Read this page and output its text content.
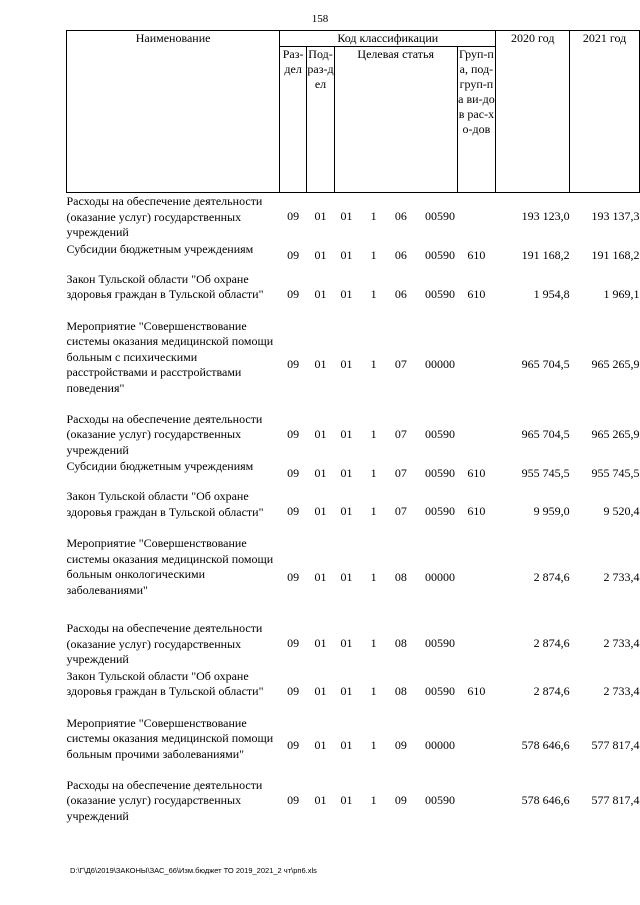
158
Наименование	Код классификации				2020 год	2021 год
	Раз-дел	Под-раз-дел	Целевая статья	Груп-па, под-груп-па ви-дов рас-хо-дов		
Расходы на обеспечение деятельности (оказание услуг) государственных учреждений	09	01	01 1 06 00590		193 123,0	193 137,3
Субсидии бюджетным учреждениям	09	01	01 1 06 00590	610	191 168,2	191 168,2
Закон Тульской области "Об охране здоровья граждан в Тульской области"	09	01	01 1 06 00590	610	1 954,8	1 969,1
Мероприятие "Совершенствование системы оказания медицинской помощи больным с психическими расстройствами и расстройствами поведения"	09	01	01 1 07 00000		965 704,5	965 265,9
Расходы на обеспечение деятельности (оказание услуг) государственных учреждений	09	01	01 1 07 00590		965 704,5	965 265,9
Субсидии бюджетным учреждениям	09	01	01 1 07 00590	610	955 745,5	955 745,5
Закон Тульской области "Об охране здоровья граждан в Тульской области"	09	01	01 1 07 00590	610	9 959,0	9 520,4
Мероприятие "Совершенствование системы оказания медицинской помощи больным онкологическими заболеваниями"	09	01	01 1 08 00000		2 874,6	2 733,4
Расходы на обеспечение деятельности (оказание услуг) государственных учреждений	09	01	01 1 08 00590		2 874,6	2 733,4
Закон Тульской области "Об охране здоровья граждан в Тульской области"	09	01	01 1 08 00590	610	2 874,6	2 733,4
Мероприятие "Совершенствование системы оказания медицинской помощи больным прочими заболеваниями"	09	01	01 1 09 00000		578 646,6	577 817,4
Расходы на обеспечение деятельности (оказание услуг) государственных учреждений	09	01	01 1 09 00590		578 646,6	577 817,4
D:\Г\Д6\2019\ЗАКОНЫ\ЗАС_66\Изм.бюджет ТО 2019_2021_2 чт\рп6.xls
